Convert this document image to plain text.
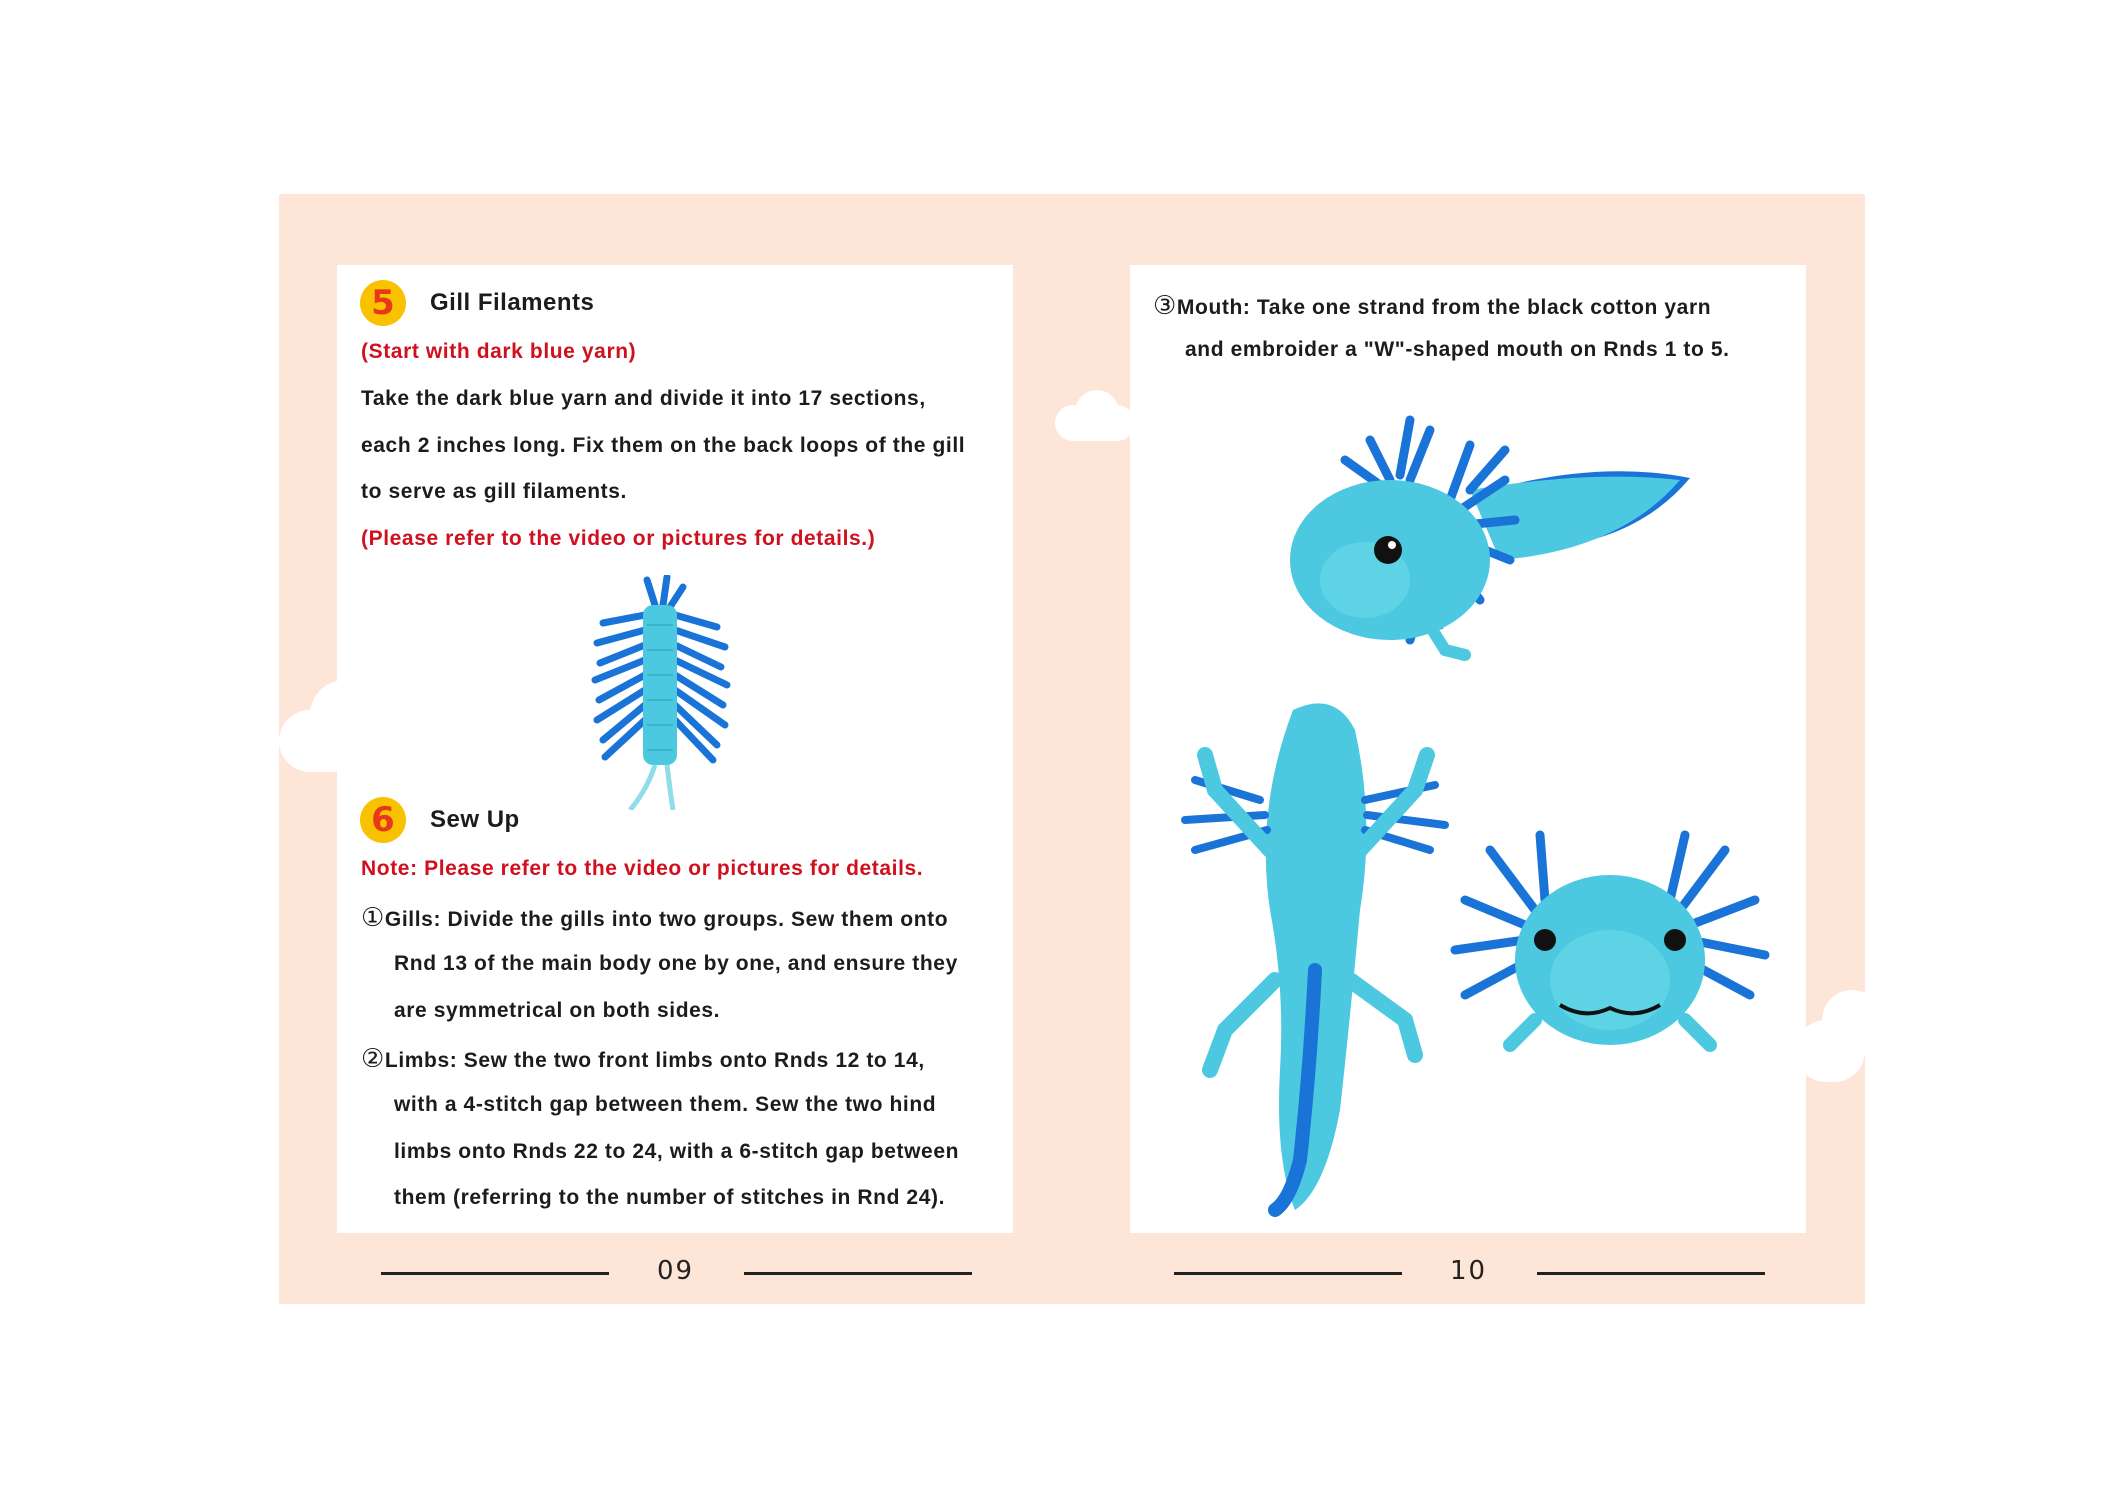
5	Gill Filaments
(Start with dark blue yarn)
Take the dark blue yarn and divide it into 17 sections,
each 2 inches long. Fix them on the back loops of the gill
to serve as gill filaments.
(Please refer to the video or pictures for details.)
6	Sew Up
Note: Please refer to the video or pictures for details.
①Gills: Divide the gills into two groups. Sew them onto
Rnd 13 of the main body one by one, and ensure they
are symmetrical on both sides.
②Limbs: Sew the two front limbs onto Rnds 12 to 14,
with a 4-stitch gap between them. Sew the two hind
limbs onto Rnds 22 to 24, with a 6-stitch gap between
them (referring to the number of stitches in Rnd 24).
09
③Mouth: Take one strand from the black cotton yarn
and embroider a "W"-shaped mouth on Rnds 1 to 5.
10
